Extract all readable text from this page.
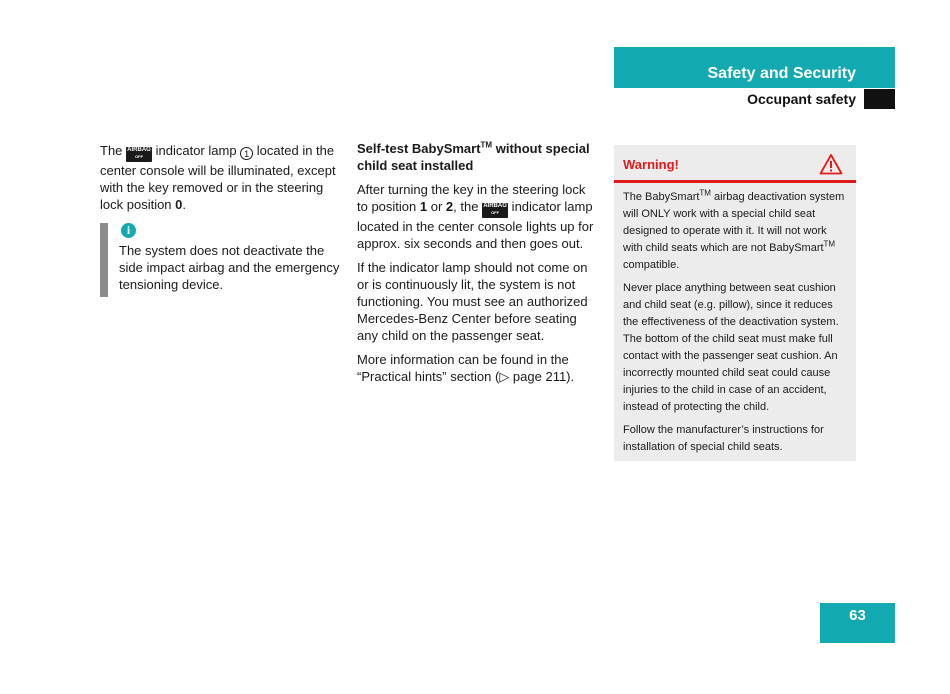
Safety and Security
Occupant safety

The AIRBAG
OFF indicator lamp 1 located in the center console will be illuminated, except with the key removed or in the steering lock position 0.

i
The system does not deactivate the side impact airbag and the emergency tensioning device.

Self-test BabySmart™ without special child seat installed

After turning the key in the steering lock to position 1 or 2, the AIRBAG
OFF indicator lamp located in the center console lights up for approx. six seconds and then goes out.

If the indicator lamp should not come on or is continuously lit, the system is not functioning. You must see an authorized Mercedes-Benz Center before seating any child on the passenger seat.

More information can be found in the “Practical hints” section (▷ page 211).

Warning!

The BabySmart™ airbag deactivation system will ONLY work with a special child seat designed to operate with it. It will not work with child seats which are not BabySmart™ compatible.

Never place anything between seat cushion and child seat (e.g. pillow), since it reduces the effectiveness of the deactivation system. The bottom of the child seat must make full contact with the passenger seat cushion. An incorrectly mounted child seat could cause injuries to the child in case of an accident, instead of protecting the child.

Follow the manufacturer’s instructions for installation of special child seats.

63
